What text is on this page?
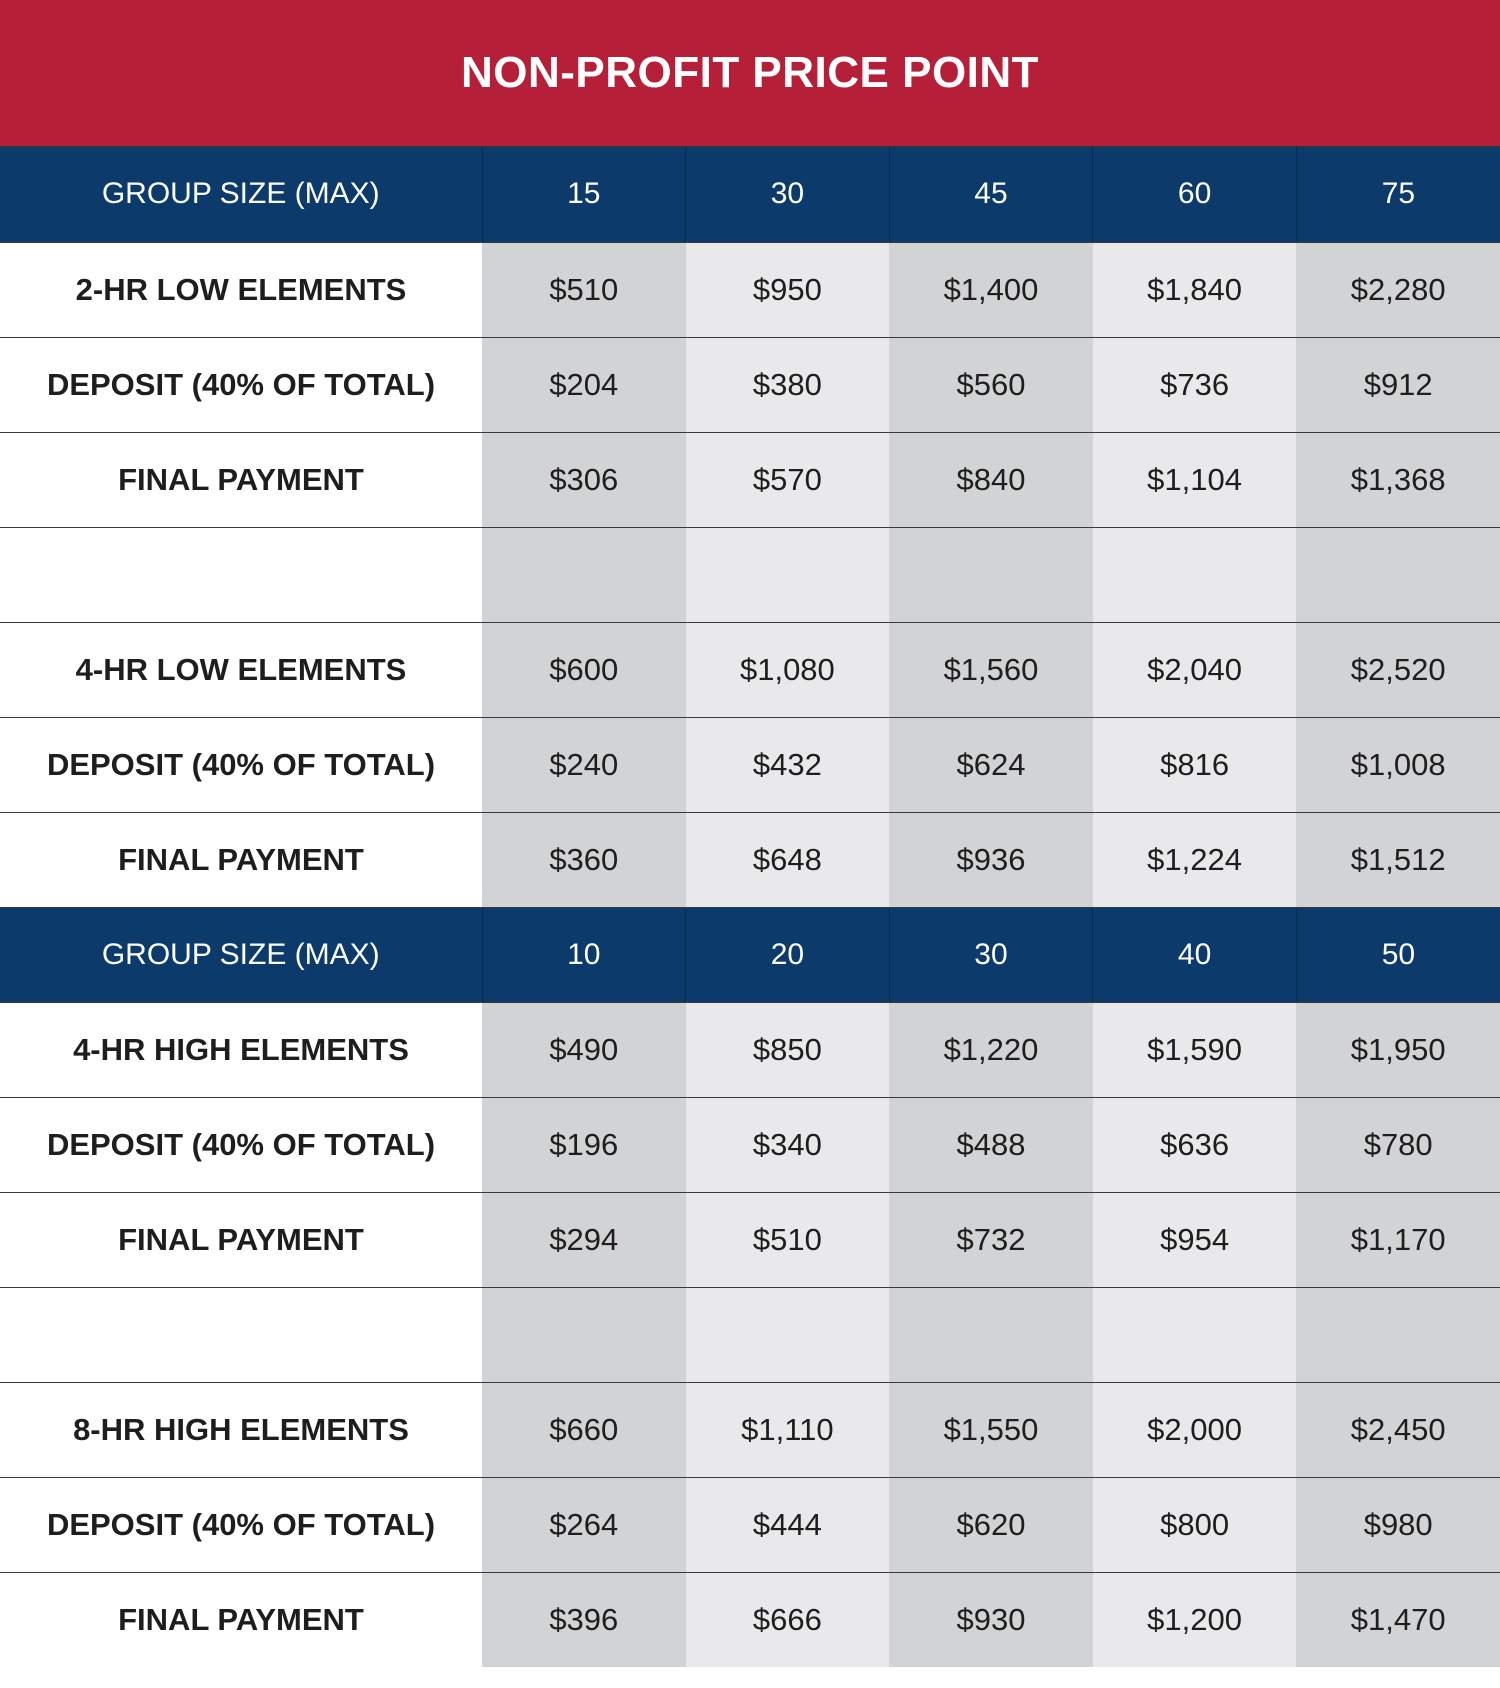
NON-PROFIT PRICE POINT
GROUP SIZE (MAX)	15	30	45	60	75
2-HR LOW ELEMENTS	$510	$950	$1,400	$1,840	$2,280
DEPOSIT (40% OF TOTAL)	$204	$380	$560	$736	$912
FINAL PAYMENT	$306	$570	$840	$1,104	$1,368

4-HR LOW ELEMENTS	$600	$1,080	$1,560	$2,040	$2,520
DEPOSIT (40% OF TOTAL)	$240	$432	$624	$816	$1,008
FINAL PAYMENT	$360	$648	$936	$1,224	$1,512
GROUP SIZE (MAX)	10	20	30	40	50
4-HR HIGH ELEMENTS	$490	$850	$1,220	$1,590	$1,950
DEPOSIT (40% OF TOTAL)	$196	$340	$488	$636	$780
FINAL PAYMENT	$294	$510	$732	$954	$1,170

8-HR HIGH ELEMENTS	$660	$1,110	$1,550	$2,000	$2,450
DEPOSIT (40% OF TOTAL)	$264	$444	$620	$800	$980
FINAL PAYMENT	$396	$666	$930	$1,200	$1,470
